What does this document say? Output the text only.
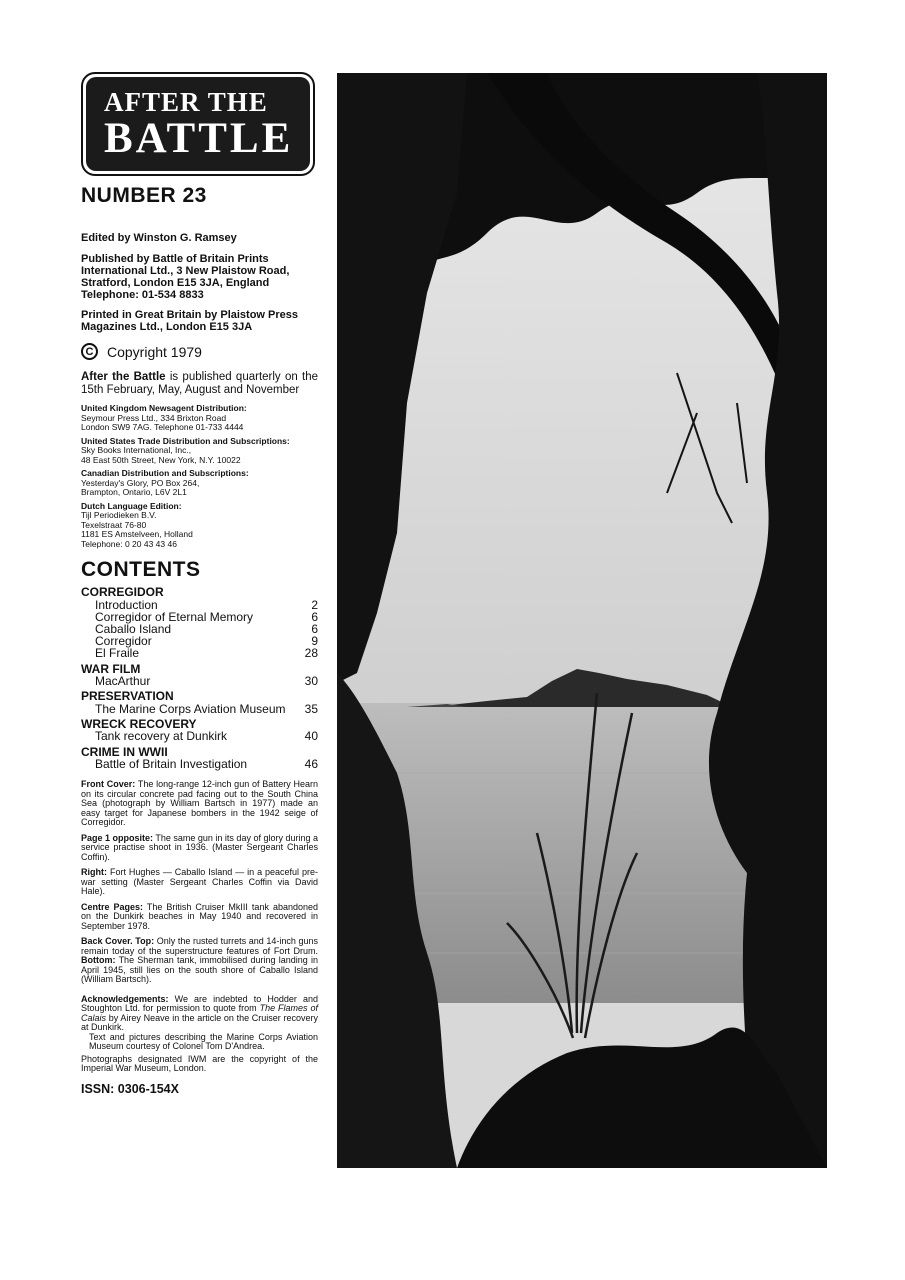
AFTER THE
BATTLE
NUMBER 23
Edited by Winston G. Ramsey
Published by Battle of Britain Prints
International Ltd., 3 New Plaistow Road,
Stratford, London E15 3JA, England
Telephone: 01-534 8833
Printed in Great Britain by Plaistow Press
Magazines Ltd., London E15 3JA
C Copyright 1979
After the Battle is published quarterly on the 15th February, May, August and November
United Kingdom Newsagent Distribution:
Seymour Press Ltd., 334 Brixton Road
London SW9 7AG. Telephone 01-733 4444
United States Trade Distribution and Subscriptions:
Sky Books International, Inc.,
48 East 50th Street, New York, N.Y. 10022
Canadian Distribution and Subscriptions:
Yesterday's Glory, PO Box 264,
Brampton, Ontario, L6V 2L1
Dutch Language Edition:
Tijl Periodieken B.V.
Texelstraat 76-80
1181 ES Amstelveen, Holland
Telephone: 0 20 43 43 46
CONTENTS
CORREGIDOR
Introduction	2
Corregidor of Eternal Memory	6
Caballo Island	6
Corregidor	9
El Fraile	28
WAR FILM
MacArthur	30
PRESERVATION
The Marine Corps Aviation Museum 35
WRECK RECOVERY
Tank recovery at Dunkirk	40
CRIME IN WWII
Battle of Britain Investigation	46
Front Cover: The long-range 12-inch gun of Battery Hearn on its circular concrete pad facing out to the South China Sea (photograph by William Bartsch in 1977) made an easy target for Japanese bombers in the 1942 seige of Corregidor.
Page 1 opposite: The same gun in its day of glory during a service practise shoot in 1936. (Master Sergeant Charles Coffin).
Right: Fort Hughes — Caballo Island — in a peaceful pre-war setting (Master Sergeant Charles Coffin via David Hale).
Centre Pages: The British Cruiser MkIII tank abandoned on the Dunkirk beaches in May 1940 and recovered in September 1978.
Back Cover. Top: Only the rusted turrets and 14-inch guns remain today of the superstructure features of Fort Drum. Bottom: The Sherman tank, immobilised during landing in April 1945, still lies on the south shore of Caballo Island (William Bartsch).
Acknowledgements: We are indebted to Hodder and Stoughton Ltd. for permission to quote from The Flames of Calais by Airey Neave in the article on the Cruiser recovery at Dunkirk.
Text and pictures describing the Marine Corps Aviation Museum courtesy of Colonel Tom D'Andrea.
Photographs designated IWM are the copyright of the Imperial War Museum, London.
ISSN: 0306-154X
